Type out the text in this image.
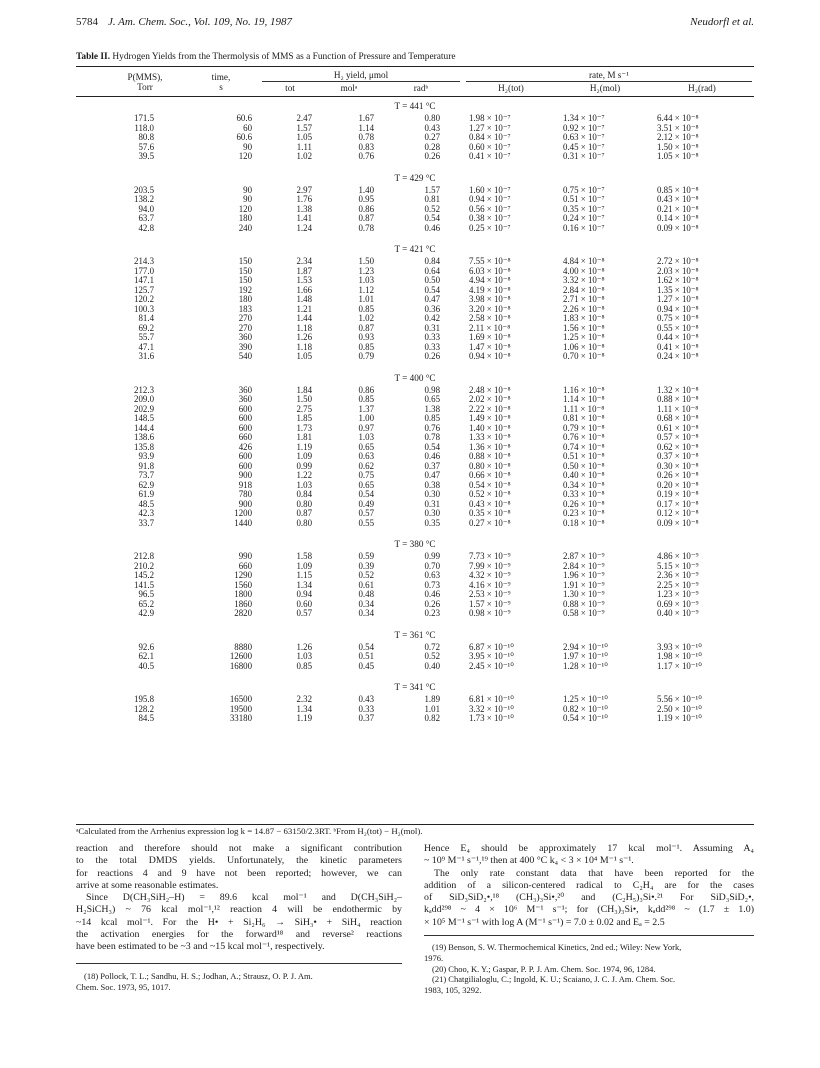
5784 J. Am. Chem. Soc., Vol. 109, No. 19, 1987	Neudorfl et al.
Table II. Hydrogen Yields from the Thermolysis of MMS as a Function of Pressure and Temperature
P(MMS),
Torr
time,
s
H₂ yield, μmol
tot	molᵃ	radᵇ
rate, M s⁻¹
H₂(tot)	H₂(mol)	H₂(rad)
T = 441 °C
171.5	60.6	2.47	1.67	0.80	1.98 × 10⁻⁷	1.34 × 10⁻⁷	6.44 × 10⁻⁸
118.0	60	1.57	1.14	0.43	1.27 × 10⁻⁷	0.92 × 10⁻⁷	3.51 × 10⁻⁸
80.8	60.6	1.05	0.78	0.27	0.84 × 10⁻⁷	0.63 × 10⁻⁷	2.12 × 10⁻⁸
57.6	90	1.11	0.83	0.28	0.60 × 10⁻⁷	0.45 × 10⁻⁷	1.50 × 10⁻⁸
39.5	120	1.02	0.76	0.26	0.41 × 10⁻⁷	0.31 × 10⁻⁷	1.05 × 10⁻⁸
T = 429 °C
203.5	90	2.97	1.40	1.57	1.60 × 10⁻⁷	0.75 × 10⁻⁷	0.85 × 10⁻⁸
138.2	90	1.76	0.95	0.81	0.94 × 10⁻⁷	0.51 × 10⁻⁷	0.43 × 10⁻⁸
94.0	120	1.38	0.86	0.52	0.56 × 10⁻⁷	0.35 × 10⁻⁷	0.21 × 10⁻⁸
63.7	180	1.41	0.87	0.54	0.38 × 10⁻⁷	0.24 × 10⁻⁷	0.14 × 10⁻⁸
42.8	240	1.24	0.78	0.46	0.25 × 10⁻⁷	0.16 × 10⁻⁷	0.09 × 10⁻⁸
T = 421 °C
214.3	150	2.34	1.50	0.84	7.55 × 10⁻⁸	4.84 × 10⁻⁸	2.72 × 10⁻⁸
177.0	150	1.87	1.23	0.64	6.03 × 10⁻⁸	4.00 × 10⁻⁸	2.03 × 10⁻⁸
147.1	150	1.53	1.03	0.50	4.94 × 10⁻⁸	3.32 × 10⁻⁸	1.62 × 10⁻⁸
125.7	192	1.66	1.12	0.54	4.19 × 10⁻⁸	2.84 × 10⁻⁸	1.35 × 10⁻⁸
120.2	180	1.48	1.01	0.47	3.98 × 10⁻⁸	2.71 × 10⁻⁸	1.27 × 10⁻⁸
100.3	183	1.21	0.85	0.36	3.20 × 10⁻⁸	2.26 × 10⁻⁸	0.94 × 10⁻⁸
81.4	270	1.44	1.02	0.42	2.58 × 10⁻⁸	1.83 × 10⁻⁸	0.75 × 10⁻⁸
69.2	270	1.18	0.87	0.31	2.11 × 10⁻⁸	1.56 × 10⁻⁸	0.55 × 10⁻⁸
55.7	360	1.26	0.93	0.33	1.69 × 10⁻⁸	1.25 × 10⁻⁸	0.44 × 10⁻⁸
47.1	390	1.18	0.85	0.33	1.47 × 10⁻⁸	1.06 × 10⁻⁸	0.41 × 10⁻⁸
31.6	540	1.05	0.79	0.26	0.94 × 10⁻⁸	0.70 × 10⁻⁸	0.24 × 10⁻⁸
T = 400 °C
212.3	360	1.84	0.86	0.98	2.48 × 10⁻⁸	1.16 × 10⁻⁸	1.32 × 10⁻⁸
209.0	360	1.50	0.85	0.65	2.02 × 10⁻⁸	1.14 × 10⁻⁸	0.88 × 10⁻⁸
202.9	600	2.75	1.37	1.38	2.22 × 10⁻⁸	1.11 × 10⁻⁸	1.11 × 10⁻⁸
148.5	600	1.85	1.00	0.85	1.49 × 10⁻⁸	0.81 × 10⁻⁸	0.68 × 10⁻⁸
144.4	600	1.73	0.97	0.76	1.40 × 10⁻⁸	0.79 × 10⁻⁸	0.61 × 10⁻⁸
138.6	660	1.81	1.03	0.78	1.33 × 10⁻⁸	0.76 × 10⁻⁸	0.57 × 10⁻⁸
135.8	426	1.19	0.65	0.54	1.36 × 10⁻⁸	0.74 × 10⁻⁸	0.62 × 10⁻⁸
93.9	600	1.09	0.63	0.46	0.88 × 10⁻⁸	0.51 × 10⁻⁸	0.37 × 10⁻⁸
91.8	600	0.99	0.62	0.37	0.80 × 10⁻⁸	0.50 × 10⁻⁸	0.30 × 10⁻⁸
73.7	900	1.22	0.75	0.47	0.66 × 10⁻⁸	0.40 × 10⁻⁸	0.26 × 10⁻⁸
62.9	918	1.03	0.65	0.38	0.54 × 10⁻⁸	0.34 × 10⁻⁸	0.20 × 10⁻⁸
61.9	780	0.84	0.54	0.30	0.52 × 10⁻⁸	0.33 × 10⁻⁸	0.19 × 10⁻⁸
48.5	900	0.80	0.49	0.31	0.43 × 10⁻⁸	0.26 × 10⁻⁸	0.17 × 10⁻⁸
42.3	1200	0.87	0.57	0.30	0.35 × 10⁻⁸	0.23 × 10⁻⁸	0.12 × 10⁻⁸
33.7	1440	0.80	0.55	0.35	0.27 × 10⁻⁸	0.18 × 10⁻⁸	0.09 × 10⁻⁸
T = 380 °C
212.8	990	1.58	0.59	0.99	7.73 × 10⁻⁹	2.87 × 10⁻⁹	4.86 × 10⁻⁹
210.2	660	1.09	0.39	0.70	7.99 × 10⁻⁹	2.84 × 10⁻⁹	5.15 × 10⁻⁹
145.2	1290	1.15	0.52	0.63	4.32 × 10⁻⁹	1.96 × 10⁻⁹	2.36 × 10⁻⁹
141.5	1560	1.34	0.61	0.73	4.16 × 10⁻⁹	1.91 × 10⁻⁹	2.25 × 10⁻⁹
96.5	1800	0.94	0.48	0.46	2.53 × 10⁻⁹	1.30 × 10⁻⁹	1.23 × 10⁻⁹
65.2	1860	0.60	0.34	0.26	1.57 × 10⁻⁹	0.88 × 10⁻⁹	0.69 × 10⁻⁹
42.9	2820	0.57	0.34	0.23	0.98 × 10⁻⁹	0.58 × 10⁻⁹	0.40 × 10⁻⁹
T = 361 °C
92.6	8880	1.26	0.54	0.72	6.87 × 10⁻¹⁰	2.94 × 10⁻¹⁰	3.93 × 10⁻¹⁰
62.1	12600	1.03	0.51	0.52	3.95 × 10⁻¹⁰	1.97 × 10⁻¹⁰	1.98 × 10⁻¹⁰
40.5	16800	0.85	0.45	0.40	2.45 × 10⁻¹⁰	1.28 × 10⁻¹⁰	1.17 × 10⁻¹⁰
T = 341 °C
195.8	16500	2.32	0.43	1.89	6.81 × 10⁻¹⁰	1.25 × 10⁻¹⁰	5.56 × 10⁻¹⁰
128.2	19500	1.34	0.33	1.01	3.32 × 10⁻¹⁰	0.82 × 10⁻¹⁰	2.50 × 10⁻¹⁰
84.5	33180	1.19	0.37	0.82	1.73 × 10⁻¹⁰	0.54 × 10⁻¹⁰	1.19 × 10⁻¹⁰
ᵃCalculated from the Arrhenius expression log k = 14.87 − 63150/2.3RT. ᵇFrom H₂(tot) − H₂(mol).
reaction and therefore should not make a significant contribution
to the total DMDS yields. Unfortunately, the kinetic parameters
for reactions 4 and 9 have not been reported; however, we can
arrive at some reasonable estimates.
Since D(CH₃SiH₂–H) = 89.6 kcal mol⁻¹ and D(CH₃SiH₂–
H₂SiCH₃) ~ 76 kcal mol⁻¹,¹² reaction 4 will be endothermic by
~14 kcal mol⁻¹. For the H• + Si₂H₆ → SiH₃• + SiH₄ reaction
the activation energies for the forward¹⁸ and reverse² reactions
have been estimated to be ~3 and ~15 kcal mol⁻¹, respectively.
Hence E₄ should be approximately 17 kcal mol⁻¹. Assuming A₄
~ 10⁹ M⁻¹ s⁻¹,¹⁹ then at 400 °C k₄ < 3 × 10⁴ M⁻¹ s⁻¹.
The only rate constant data that have been reported for the
addition of a silicon-centered radical to C₂H₄ are for the cases
of SiD₃SiD₂•,¹⁸ (CH₃)₃Si•,²⁰ and (C₂H₅)₃Si•.²¹ For SiD₃SiD₂•,
kₐdd²⁹⁸ ~ 4 × 10⁶ M⁻¹ s⁻¹; for (CH₃)₃Si•, kₐdd²⁹⁸ ~ (1.7 ± 1.0)
× 10⁵ M⁻¹ s⁻¹ with log A (M⁻¹ s⁻¹) = 7.0 ± 0.02 and Eₐ = 2.5
(18) Pollock, T. L.; Sandhu, H. S.; Jodhan, A.; Strausz, O. P. J. Am.
Chem. Soc. 1973, 95, 1017.
(19) Benson, S. W. Thermochemical Kinetics, 2nd ed.; Wiley: New York,
1976.
(20) Choo, K. Y.; Gaspar, P. P. J. Am. Chem. Soc. 1974, 96, 1284.
(21) Chatgilialoglu, C.; Ingold, K. U.; Scaiano, J. C. J. Am. Chem. Soc.
1983, 105, 3292.
